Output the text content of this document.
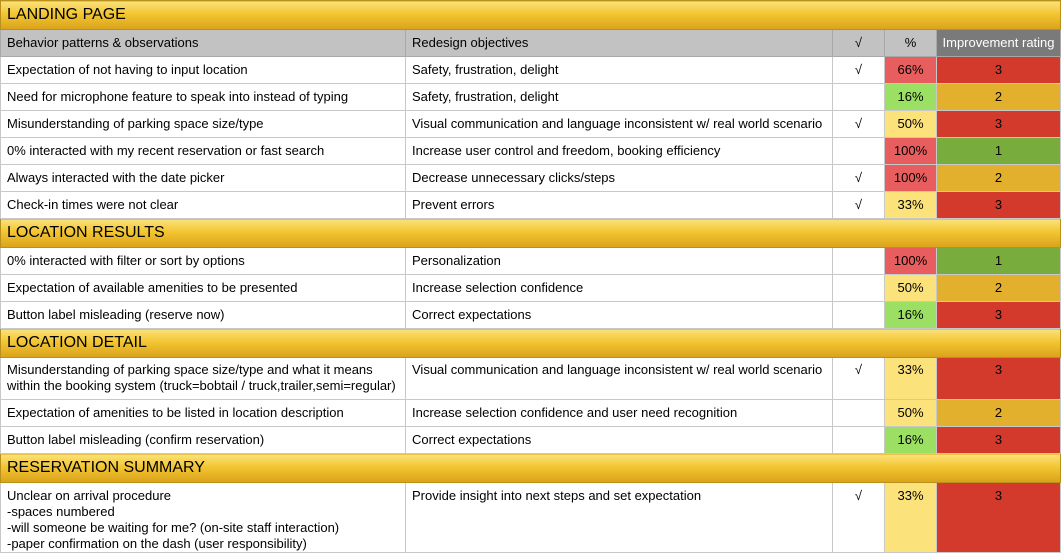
LANDING PAGE				
Behavior patterns & observations	Redesign objectives	√	%	Improvement rating
Expectation of not having to input location	Safety, frustration, delight	√	66%	3
Need for microphone feature to speak into instead of typing	Safety, frustration, delight		16%	2
Misunderstanding of parking space size/type	Visual communication and language inconsistent w/ real world scenario	√	50%	3
0% interacted with my recent reservation or fast search	Increase user control and freedom, booking efficiency		100%	1
Always interacted with the date picker	Decrease unnecessary clicks/steps	√	100%	2
Check-in times were not clear	Prevent errors	√	33%	3
LOCATION RESULTS				
0% interacted with filter or sort by options	Personalization		100%	1
Expectation of available amenities to be presented	Increase selection confidence		50%	2
Button label misleading (reserve now)	Correct expectations		16%	3
LOCATION DETAIL				

Misunderstanding of parking space size/type and what it means
within the booking system (truck=bobtail / truck,trailer,semi=regular)	Visual communication and language inconsistent w/ real world scenario	√	33%	3
Expectation of amenities to be listed in location description	Increase selection confidence and user need recognition		50%	2
Button label misleading (confirm reservation)	Correct expectations		16%	3
RESERVATION SUMMARY				

Unclear on arrival procedure
-spaces numbered
-will someone be waiting for me? (on-site staff interaction)
-paper confirmation on the dash (user responsibility)	Provide insight into next steps and set expectation	√	33%	3
